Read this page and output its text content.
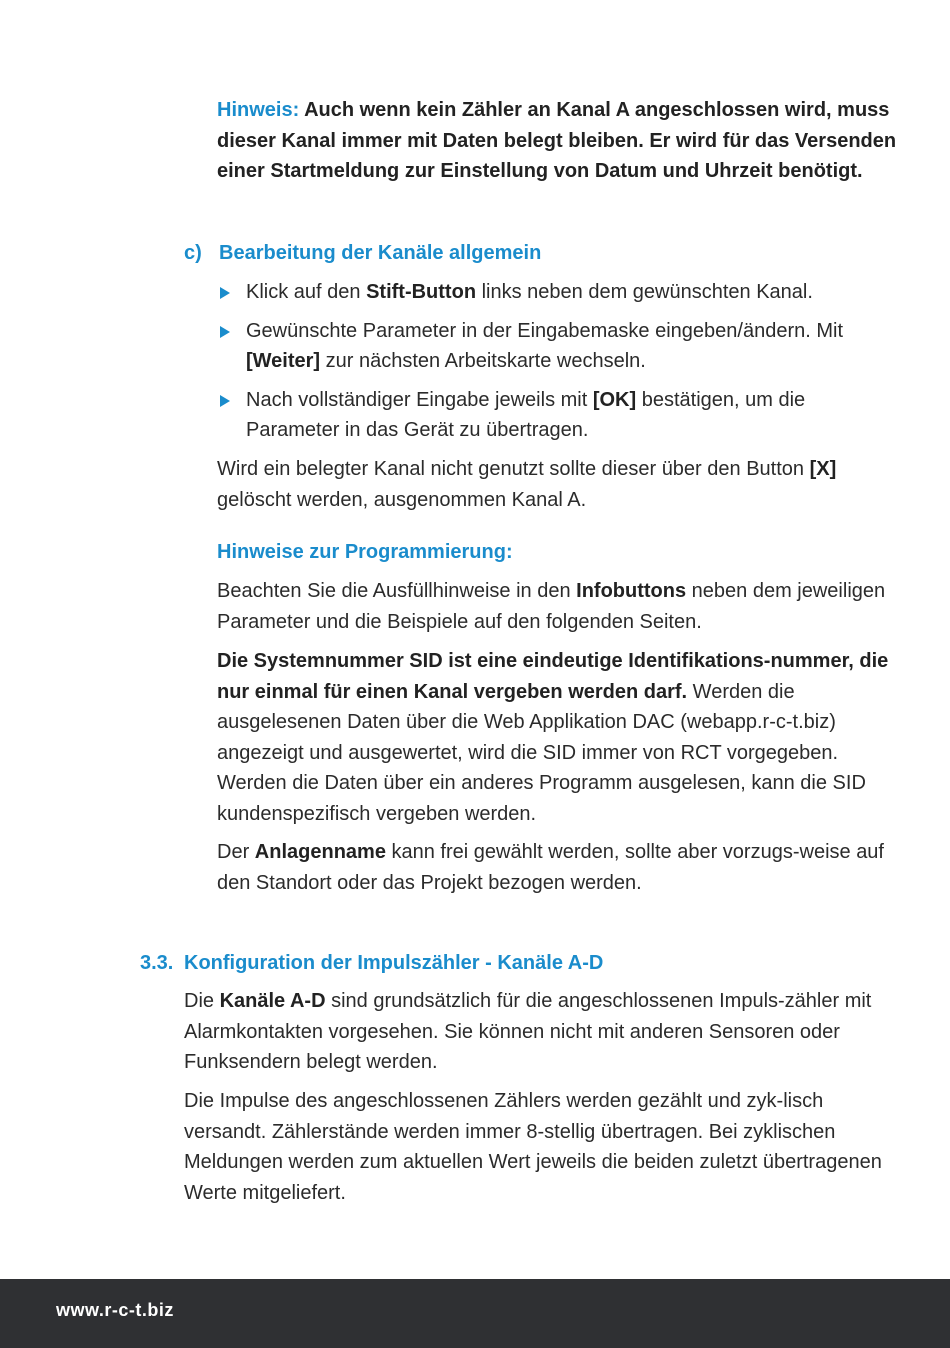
Hinweis: Auch wenn kein Zähler an Kanal A angeschlossen wird, muss dieser Kanal immer mit Daten belegt bleiben. Er wird für das Versenden einer Startmeldung zur Einstellung von Datum und Uhrzeit benötigt.
c) Bearbeitung der Kanäle allgemein
Klick auf den Stift-Button links neben dem gewünschten Kanal.
Gewünschte Parameter in der Eingabemaske eingeben/ändern. Mit [Weiter] zur nächsten Arbeitskarte wechseln.
Nach vollständiger Eingabe jeweils mit [OK] bestätigen, um die Parameter in das Gerät zu übertragen.

Wird ein belegter Kanal nicht genutzt sollte dieser über den Button [X] gelöscht werden, ausgenommen Kanal A.

Hinweise zur Programmierung:

Beachten Sie die Ausfüllhinweise in den Infobuttons neben dem jeweiligen Parameter und die Beispiele auf den folgenden Seiten.

Die Systemnummer SID ist eine eindeutige Identifikations-nummer, die nur einmal für einen Kanal vergeben werden darf. Werden die ausgelesenen Daten über die Web Applikation DAC (webapp.r-c-t.biz) angezeigt und ausgewertet, wird die SID immer von RCT vorgegeben. Werden die Daten über ein anderes Programm ausgelesen, kann die SID kundenspezifisch vergeben werden.

Der Anlagenname kann frei gewählt werden, sollte aber vorzugs-weise auf den Standort oder das Projekt bezogen werden.

3.3. Konfiguration der Impulszähler - Kanäle A-D

Die Kanäle A-D sind grundsätzlich für die angeschlossenen Impuls-zähler mit Alarmkontakten vorgesehen. Sie können nicht mit anderen Sensoren oder Funksendern belegt werden.

Die Impulse des angeschlossenen Zählers werden gezählt und zyk-lisch versandt. Zählerstände werden immer 8-stellig übertragen. Bei zyklischen Meldungen werden zum aktuellen Wert jeweils die beiden zuletzt übertragenen Werte mitgeliefert.

www.r-c-t.biz
